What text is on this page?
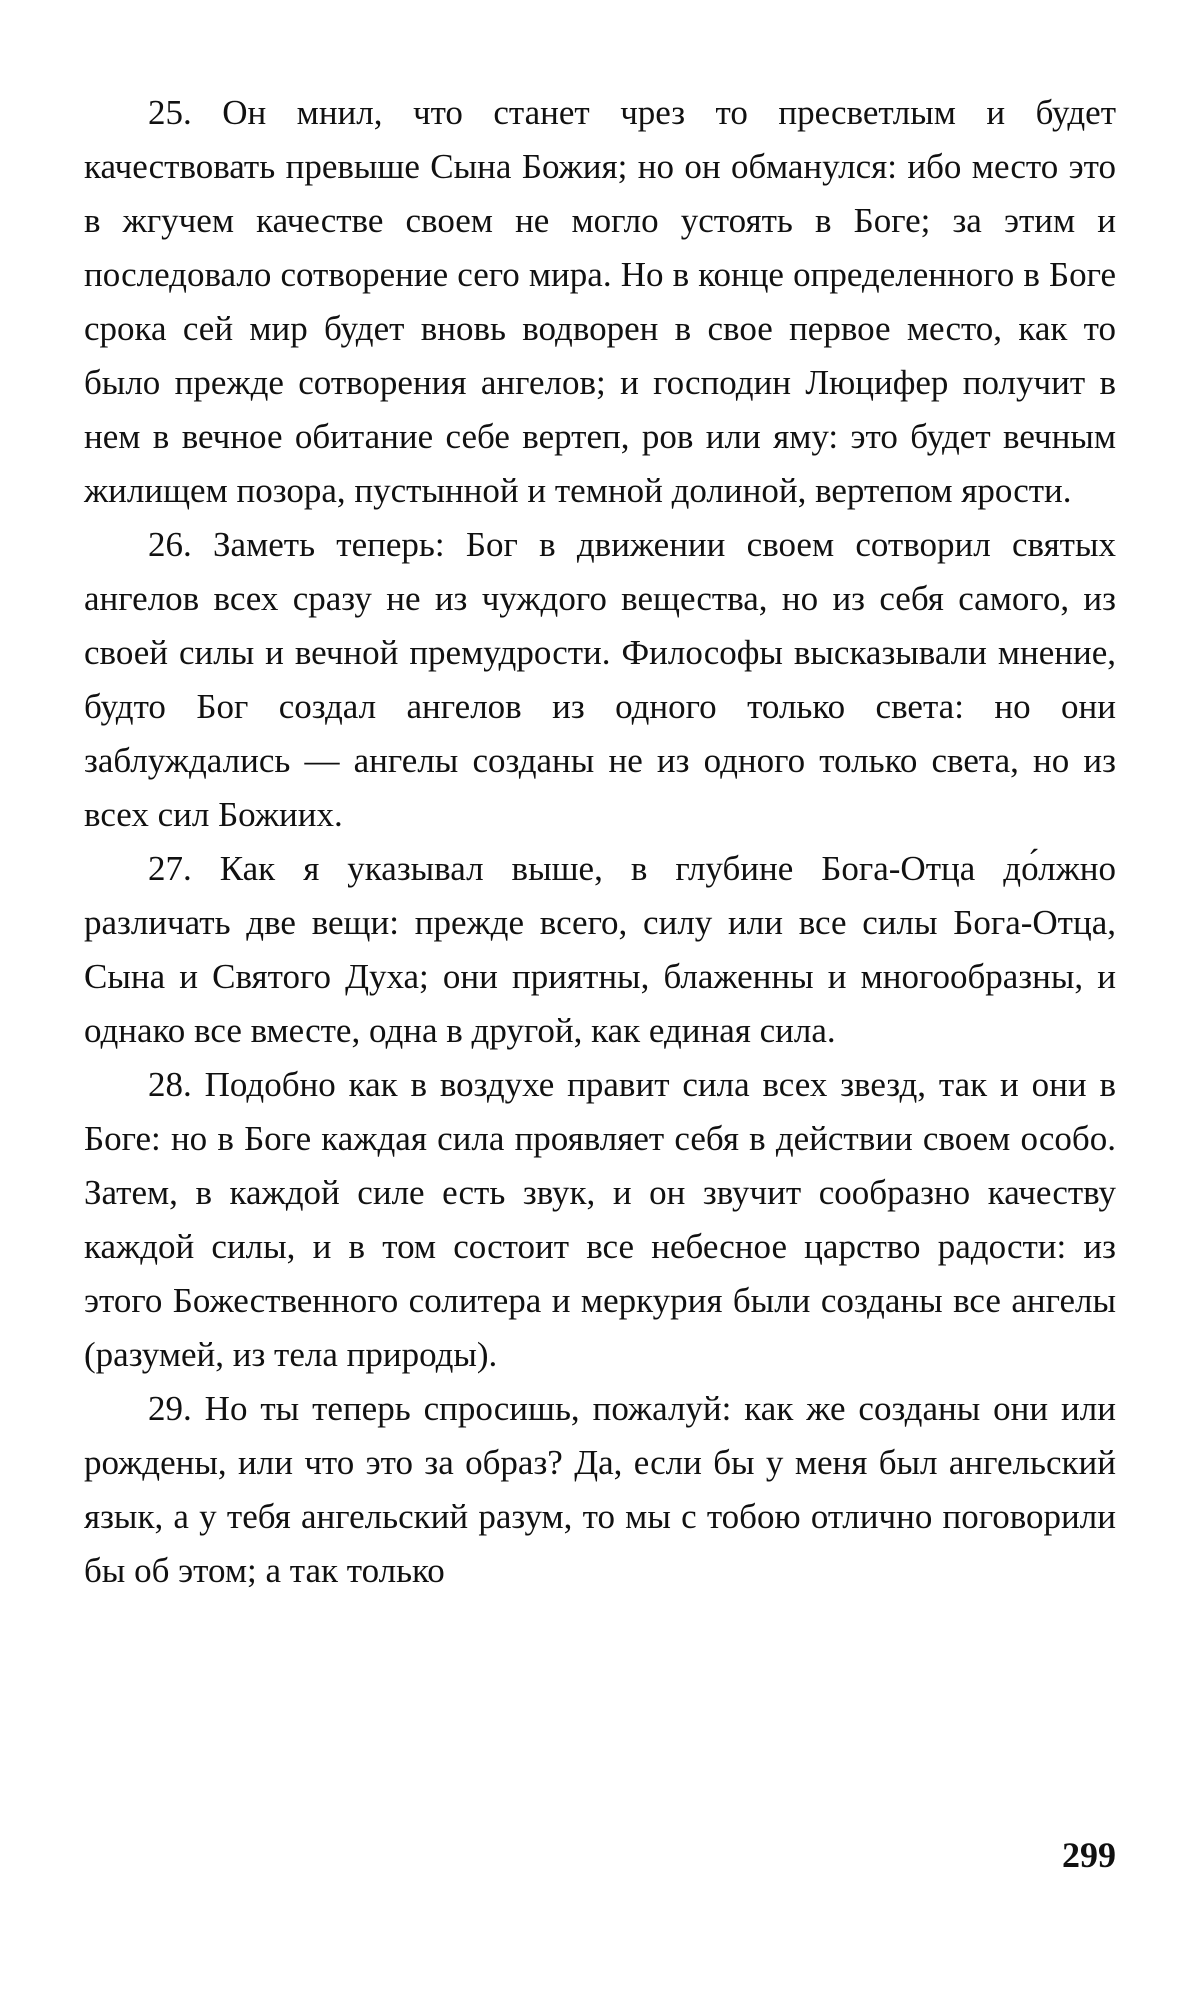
25. Он мнил, что станет чрез то пресветлым и будет качествовать превыше Сына Божия; но он обманулся: ибо место это в жгучем качестве своем не могло устоять в Боге; за этим и последовало сотворение сего мира. Но в конце определенного в Боге срока сей мир будет вновь водворен в свое первое место, как то было прежде сотворения ангелов; и господин Люцифер получит в нем в вечное обитание себе вертеп, ров или яму: это будет вечным жилищем позора, пустынной и темной долиной, вертепом ярости.

26. Заметь теперь: Бог в движении своем сотворил святых ангелов всех сразу не из чуждого вещества, но из себя самого, из своей силы и вечной премудрости. Философы высказывали мнение, будто Бог создал ангелов из одного только света: но они заблуждались — ангелы созданы не из одного только света, но из всех сил Божиих.

27. Как я указывал выше, в глубине Бога-Отца до́лжно различать две вещи: прежде всего, силу или все силы Бога-Отца, Сына и Святого Духа; они приятны, блаженны и многообразны, и однако все вместе, одна в другой, как единая сила.

28. Подобно как в воздухе правит сила всех звезд, так и они в Боге: но в Боге каждая сила проявляет себя в действии своем особо. Затем, в каждой силе есть звук, и он звучит сообразно качеству каждой силы, и в том состоит все небесное царство радости: из этого Божественного солитера и меркурия были созданы все ангелы (разумей, из тела природы).

29. Но ты теперь спросишь, пожалуй: как же созданы они или рождены, или что это за образ? Да, если бы у меня был ангельский язык, а у тебя ангельский разум, то мы с тобою отлично поговорили бы об этом; а так только

299
